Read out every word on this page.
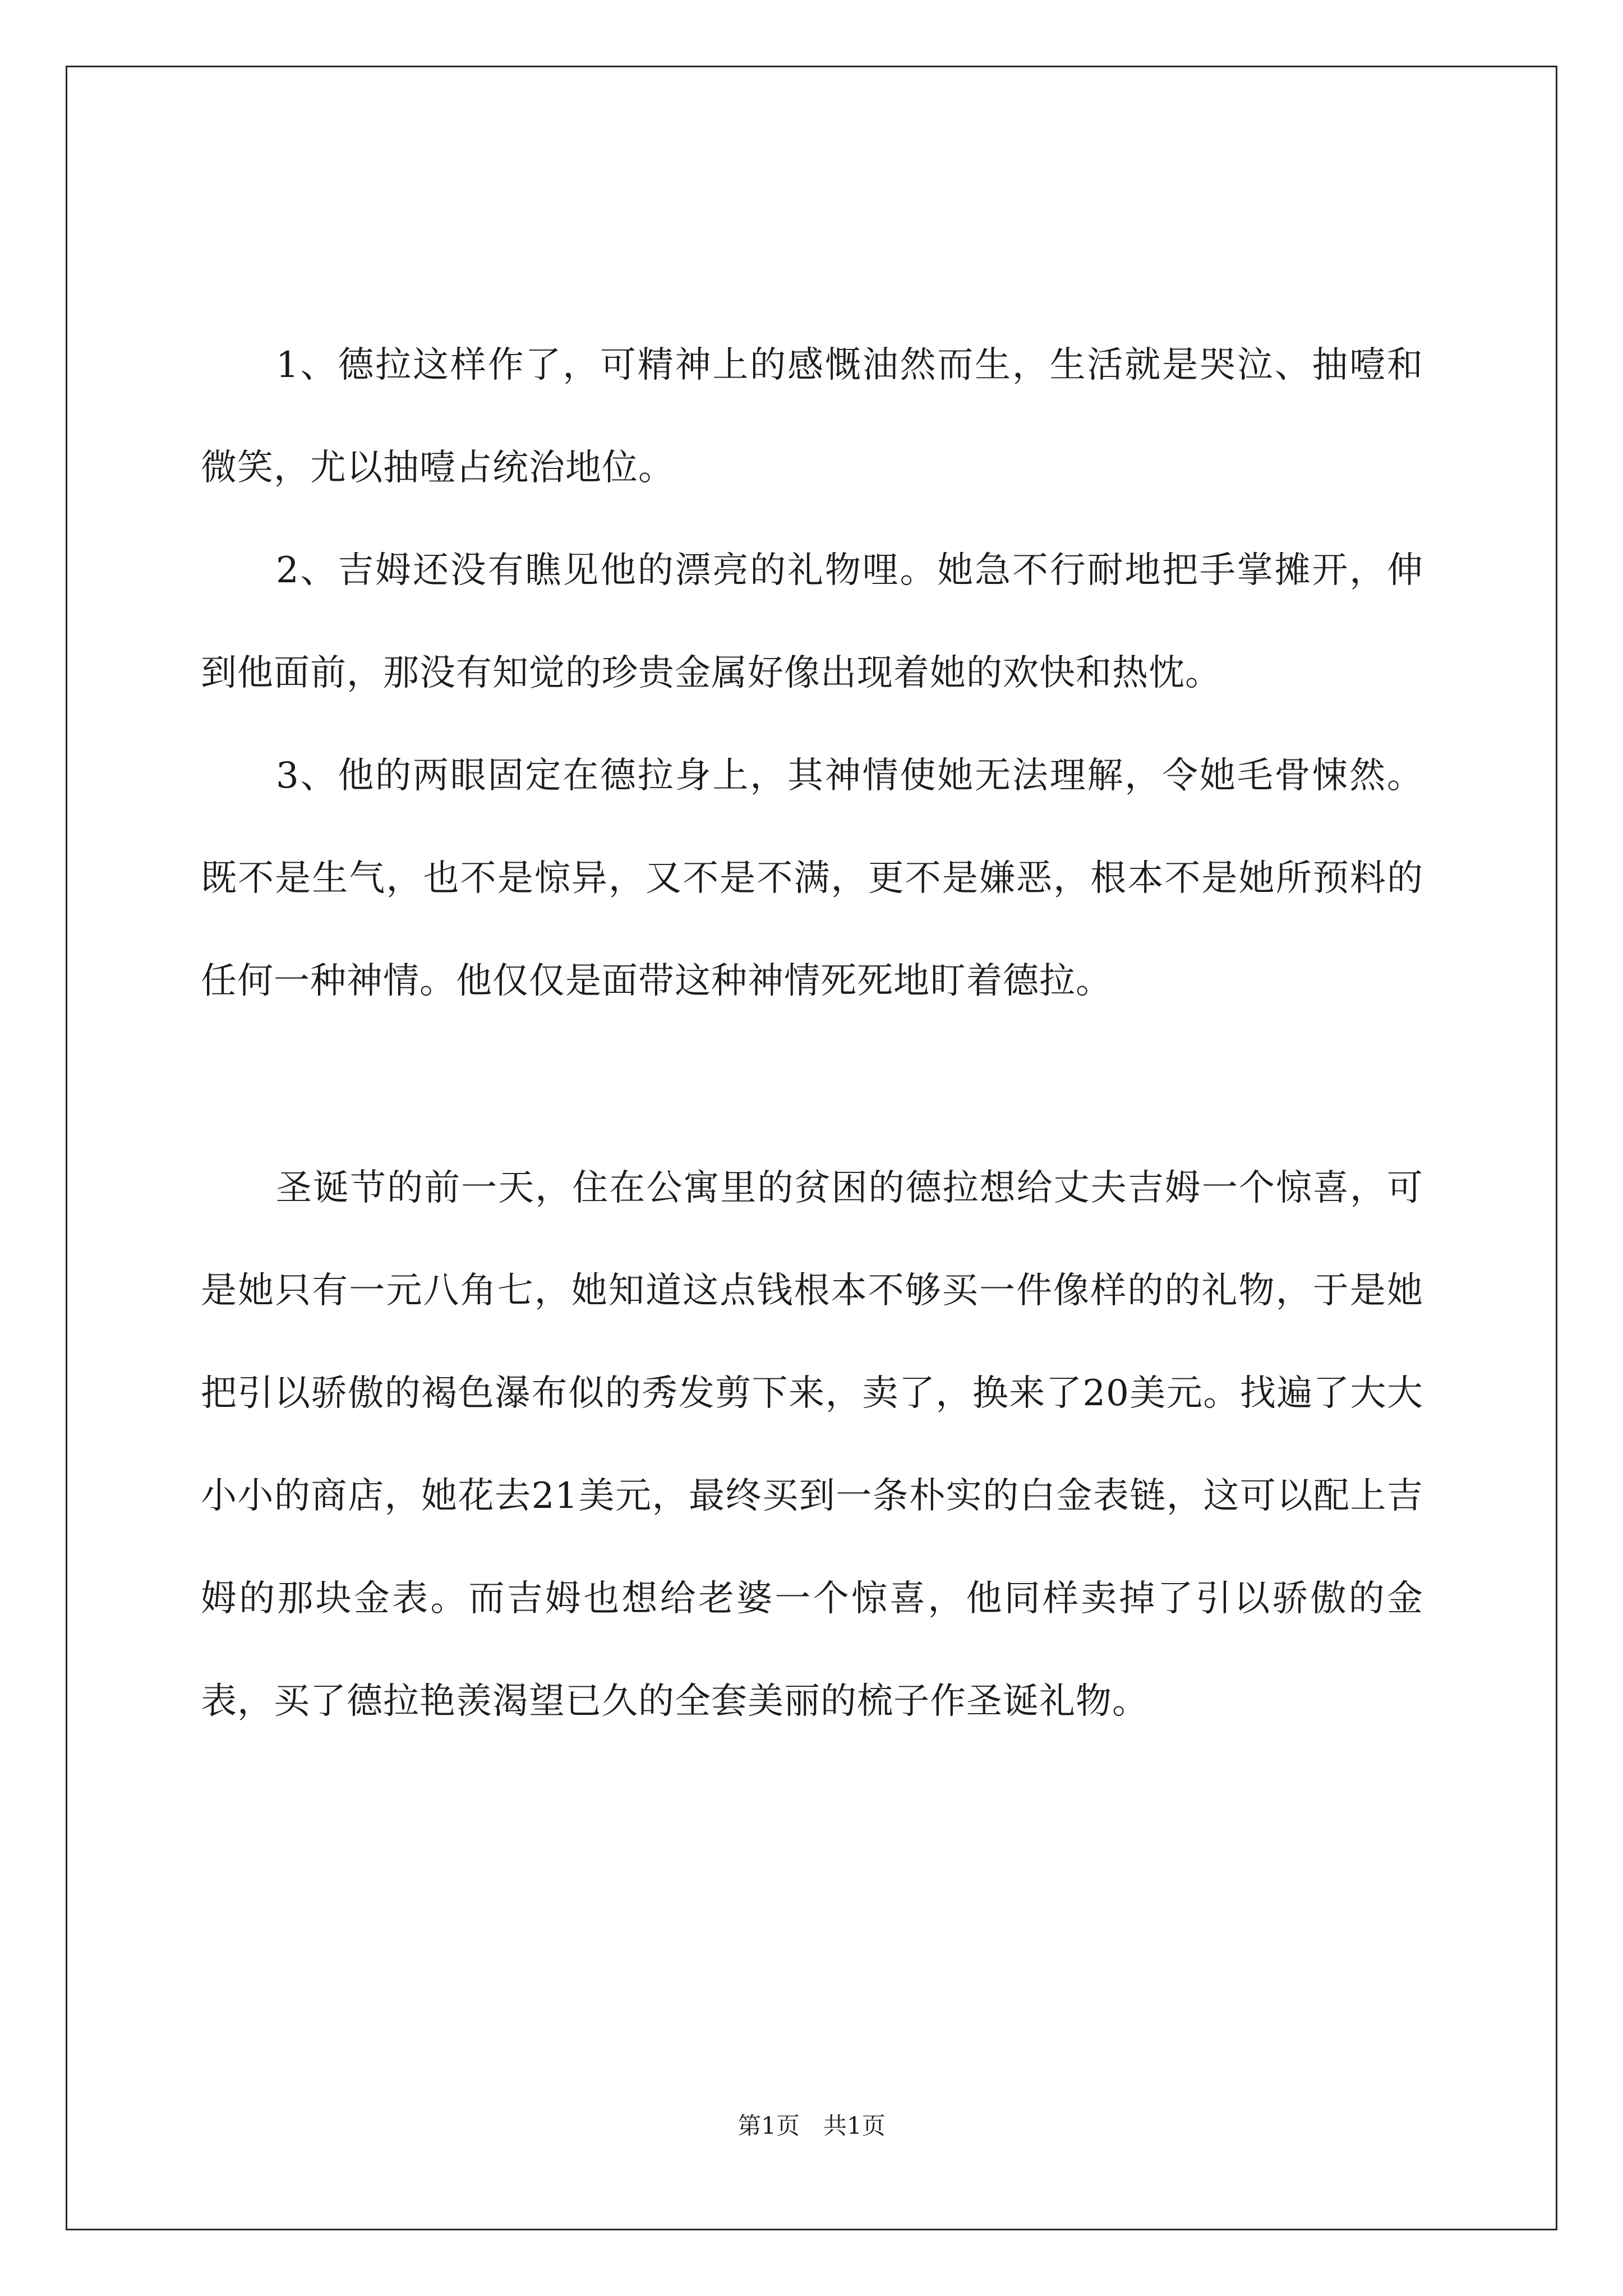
1、德拉这样作了，可精神上的感慨油然而生，生活就是哭泣、抽噎和微笑，尤以抽噎占统治地位。

2、吉姆还没有瞧见他的漂亮的礼物哩。她急不行耐地把手掌摊开，伸到他面前，那没有知觉的珍贵金属好像出现着她的欢快和热忱。

3、他的两眼固定在德拉身上，其神情使她无法理解，令她毛骨悚然。既不是生气，也不是惊异，又不是不满，更不是嫌恶，根本不是她所预料的任何一种神情。他仅仅是面带这种神情死死地盯着德拉。

圣诞节的前一天，住在公寓里的贫困的德拉想给丈夫吉姆一个惊喜，可是她只有一元八角七，她知道这点钱根本不够买一件像样的的礼物，于是她把引以骄傲的褐色瀑布似的秀发剪下来，卖了，换来了20美元。找遍了大大小小的商店，她花去21美元，最终买到一条朴实的白金表链，这可以配上吉姆的那块金表。而吉姆也想给老婆一个惊喜，他同样卖掉了引以骄傲的金表，买了德拉艳羡渴望已久的全套美丽的梳子作圣诞礼物。

第1页 共1页
